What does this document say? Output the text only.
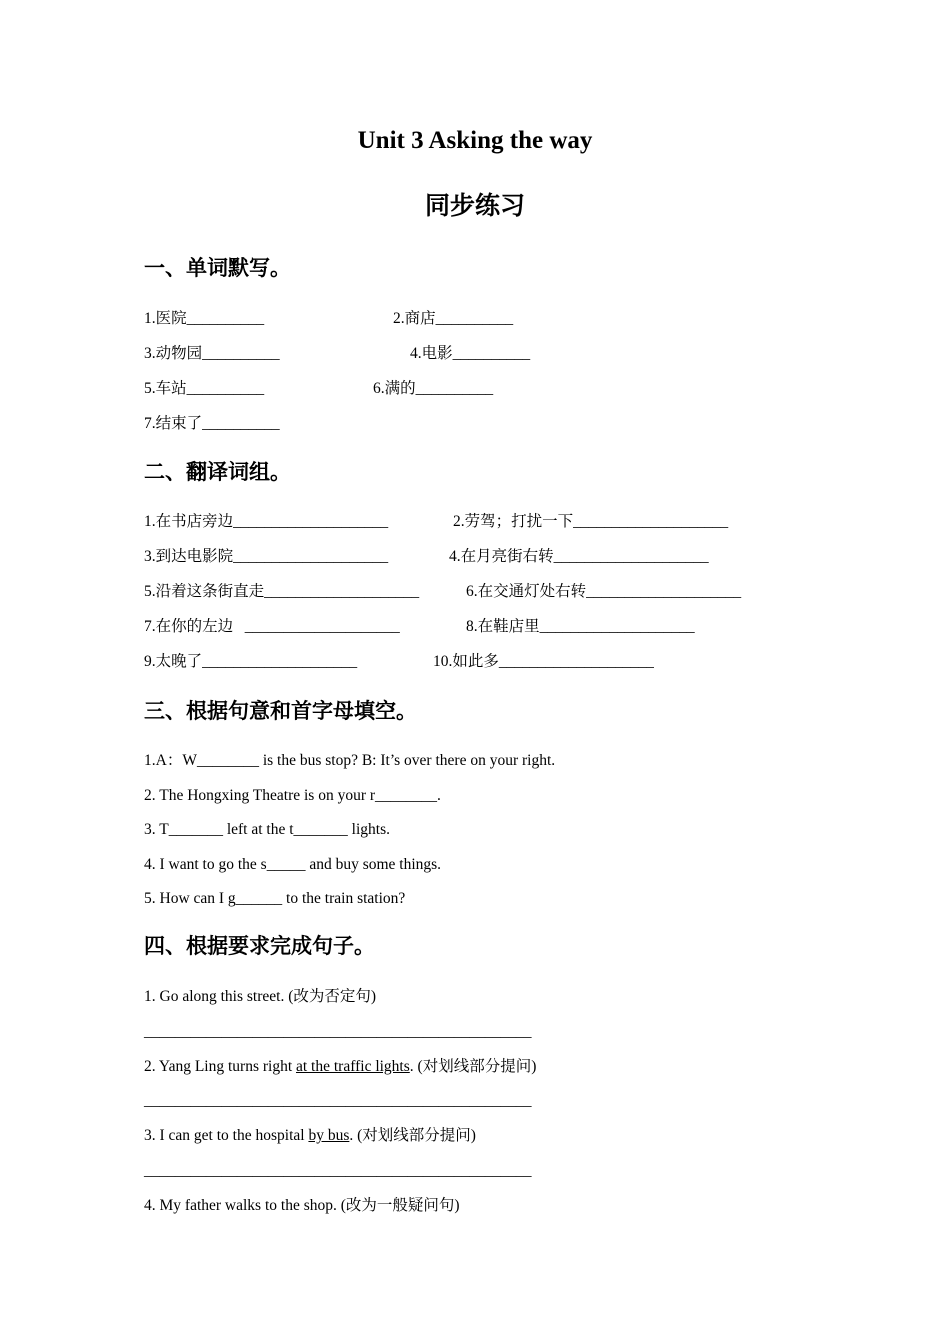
Unit 3 Asking the way
同步练习
一、单词默写。
1.医院__________	2.商店__________
3.动物园__________	4.电影__________
5.车站__________	6.满的__________
7.结束了__________
二、翻译词组。
1.在书店旁边____________________	2.劳驾；打扰一下____________________
3.到达电影院____________________	4.在月亮街右转____________________
5.沿着这条街直走____________________	6.在交通灯处右转____________________
7.在你的左边   ____________________	8.在鞋店里____________________
9.太晚了____________________	10.如此多____________________
三、根据句意和首字母填空。
1.A：W________ is the bus stop? B: It’s over there on your right.
2. The Hongxing Theatre is on your r________.
3. T_______ left at the t_______ lights.
4. I want to go the s_____ and buy some things.
5. How can I g______ to the train station?
四、根据要求完成句子。
1. Go along this street. (改为否定句)
__________________________________________________
2. Yang Ling turns right at the traffic lights. (对划线部分提问)
__________________________________________________
3. I can get to the hospital by bus. (对划线部分提问)
__________________________________________________
4. My father walks to the shop. (改为一般疑问句)
